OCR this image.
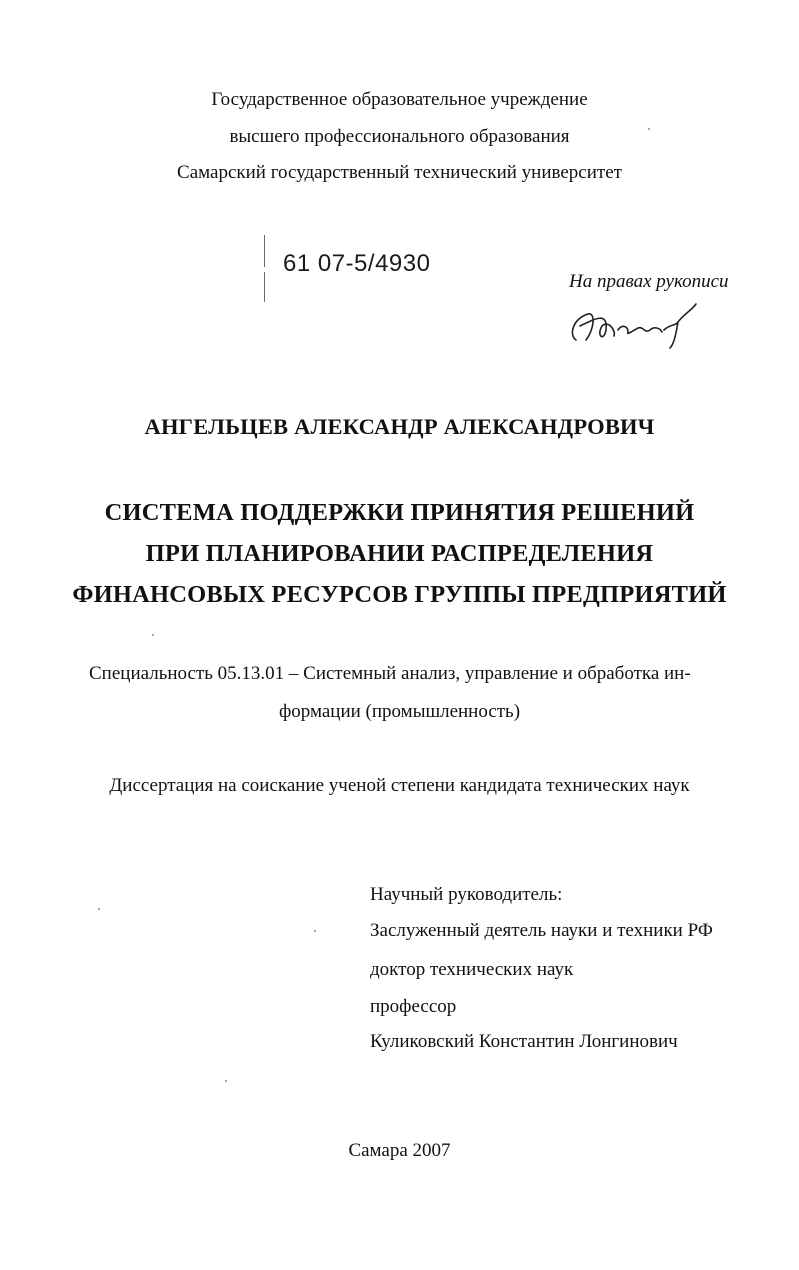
Государственное образовательное учреждение
высшего профессионального образования
Самарский государственный технический университет
61 07-5/4930
На правах рукописи
АНГЕЛЬЦЕВ АЛЕКСАНДР АЛЕКСАНДРОВИЧ
СИСТЕМА ПОДДЕРЖКИ ПРИНЯТИЯ РЕШЕНИЙ
ПРИ ПЛАНИРОВАНИИ РАСПРЕДЕЛЕНИЯ
ФИНАНСОВЫХ РЕСУРСОВ ГРУППЫ ПРЕДПРИЯТИЙ
Специальность 05.13.01 – Системный анализ, управление и обработка ин-
формации (промышленность)
Диссертация на соискание ученой степени кандидата технических наук
Научный руководитель:
Заслуженный деятель науки и техники РФ
доктор технических наук
профессор
Куликовский Константин Лонгинович
Самара 2007
